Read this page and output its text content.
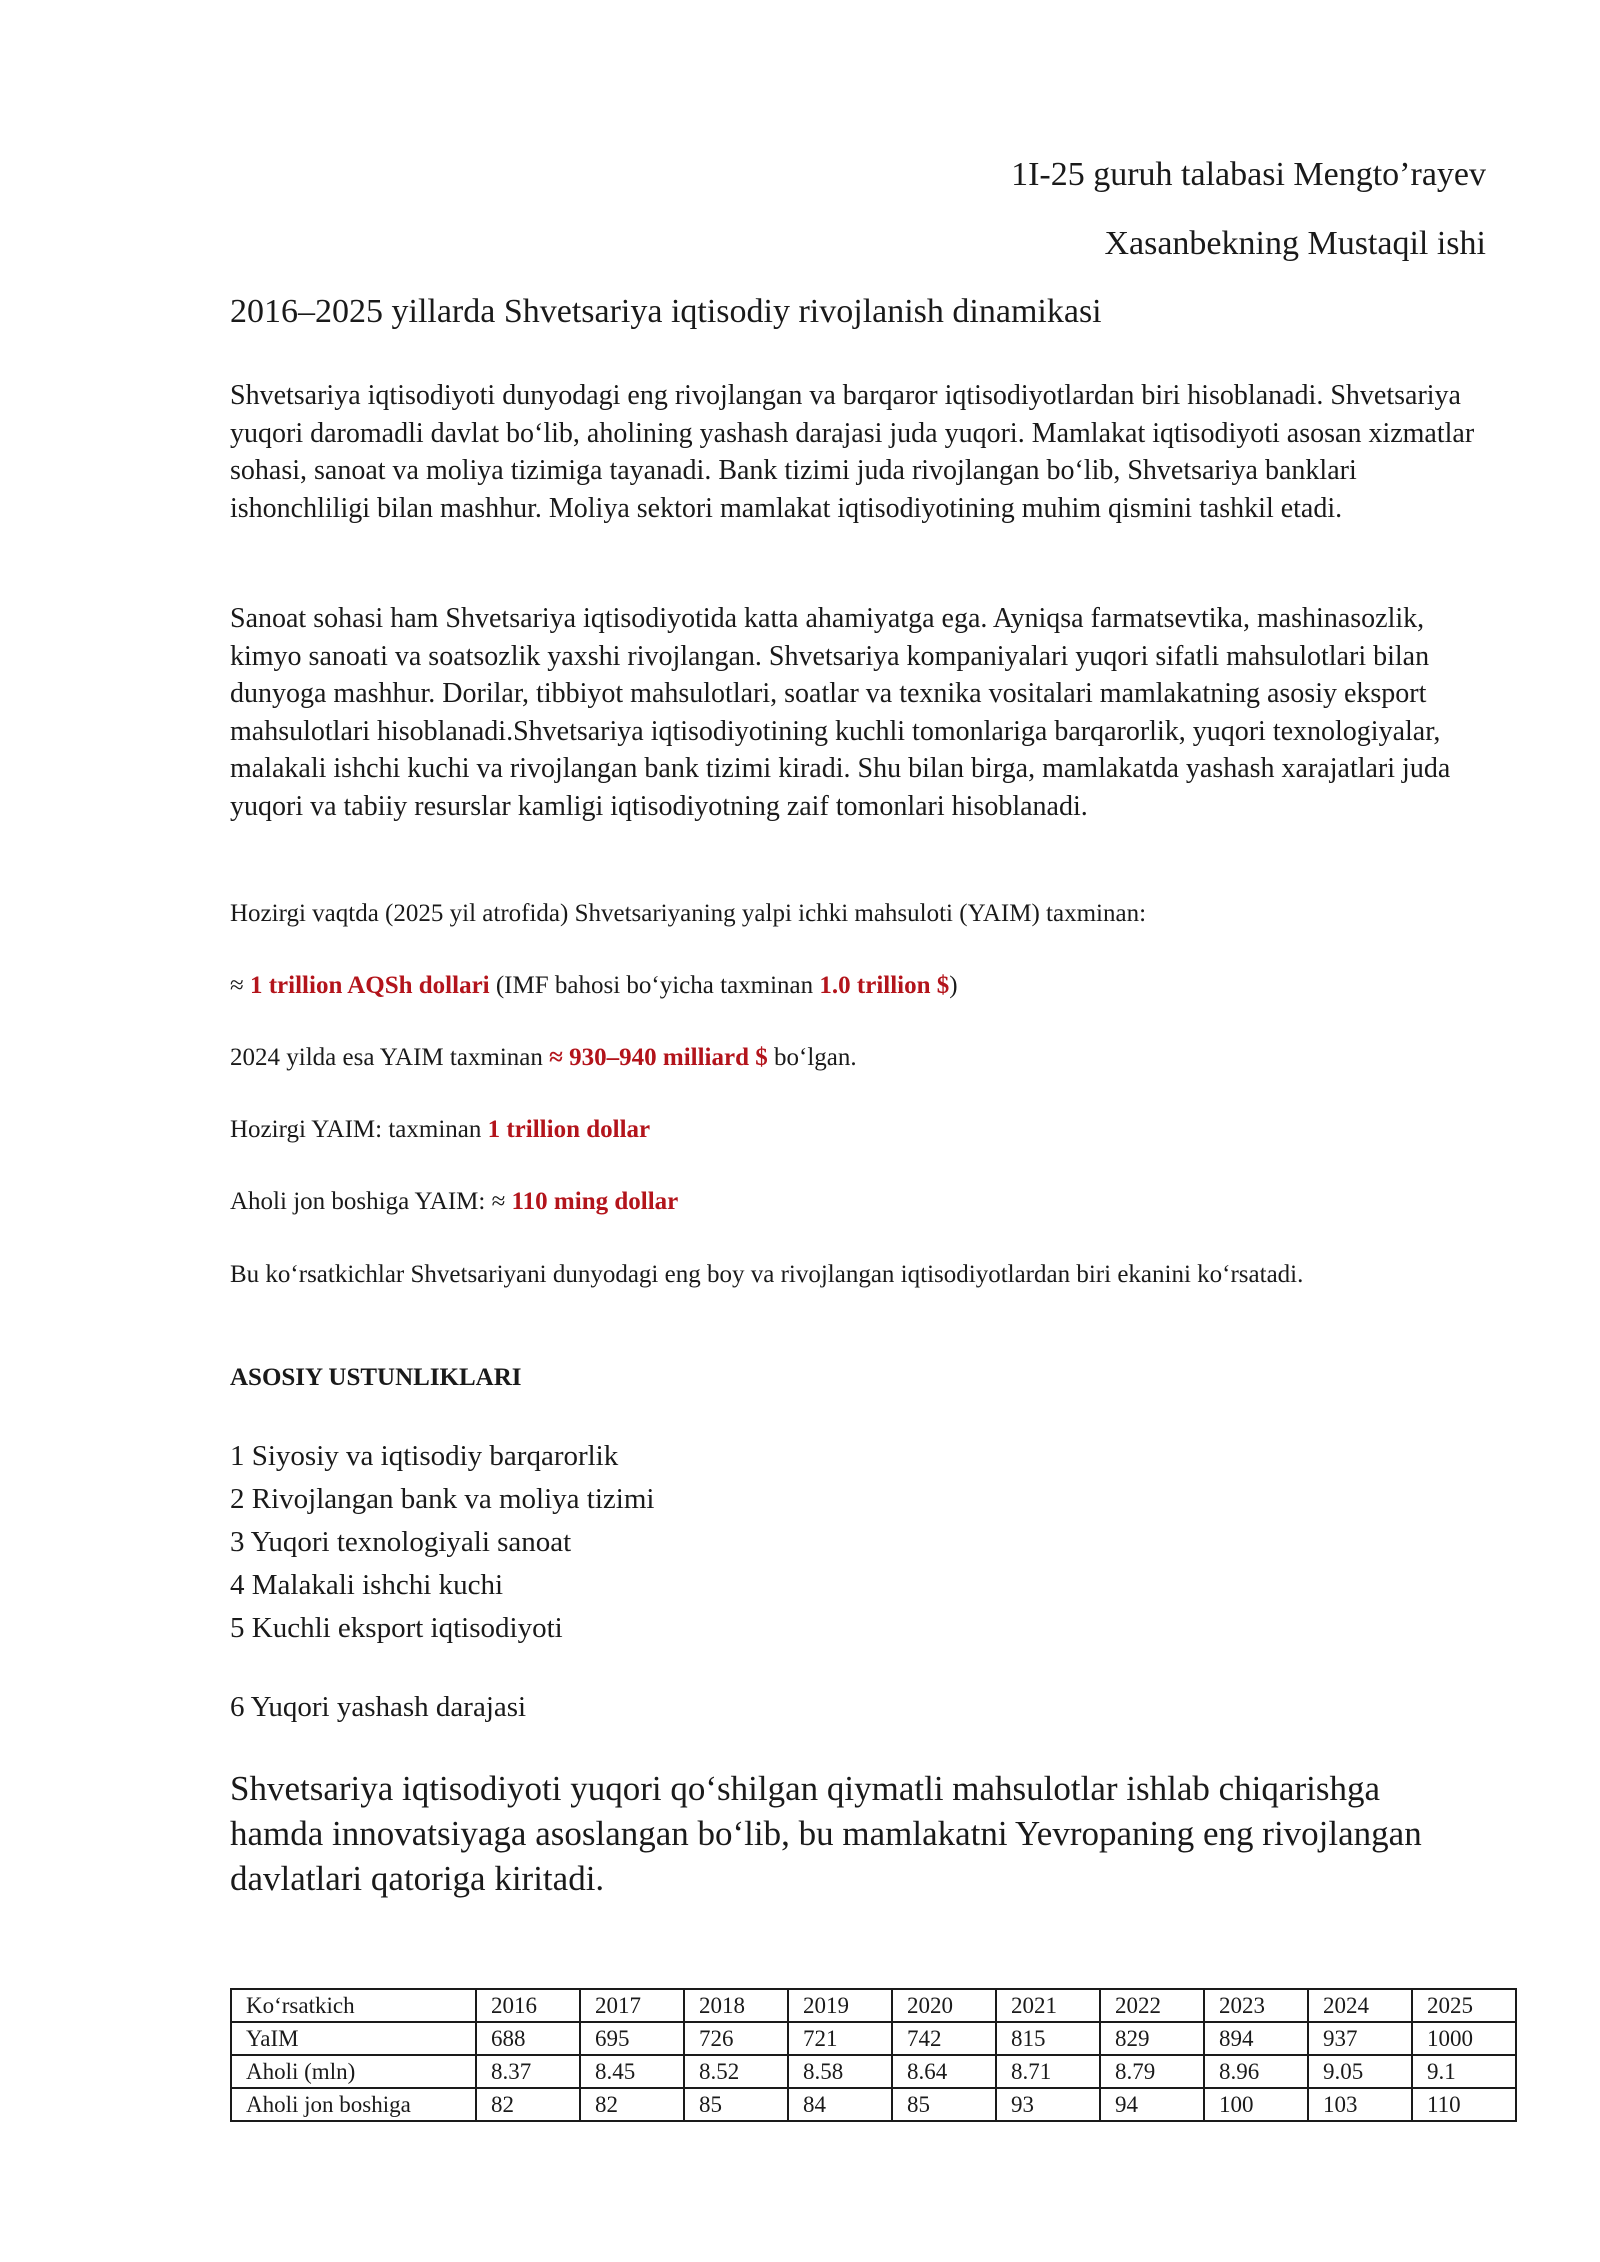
1I-25 guruh talabasi Mengto’rayev
Xasanbekning Mustaqil ishi
2016–2025 yillarda Shvetsariya iqtisodiy rivojlanish dinamikasi
Shvetsariya iqtisodiyoti dunyodagi eng rivojlangan va barqaror iqtisodiyotlardan biri hisoblanadi. Shvetsariya yuqori daromadli davlat bo‘lib, aholining yashash darajasi juda yuqori. Mamlakat iqtisodiyoti asosan xizmatlar sohasi, sanoat va moliya tizimiga tayanadi. Bank tizimi juda rivojlangan bo‘lib, Shvetsariya banklari ishonchliligi bilan mashhur. Moliya sektori mamlakat iqtisodiyotining muhim qismini tashkil etadi.
Sanoat sohasi ham Shvetsariya iqtisodiyotida katta ahamiyatga ega. Ayniqsa farmatsevtika, mashinasozlik, kimyo sanoati va soatsozlik yaxshi rivojlangan. Shvetsariya kompaniyalari yuqori sifatli mahsulotlari bilan dunyoga mashhur. Dorilar, tibbiyot mahsulotlari, soatlar va texnika vositalari mamlakatning asosiy eksport mahsulotlari hisoblanadi.Shvetsariya iqtisodiyotining kuchli tomonlariga barqarorlik, yuqori texnologiyalar, malakali ishchi kuchi va rivojlangan bank tizimi kiradi. Shu bilan birga, mamlakatda yashash xarajatlari juda yuqori va tabiiy resurslar kamligi iqtisodiyotning zaif tomonlari hisoblanadi.
Hozirgi vaqtda (2025 yil atrofida) Shvetsariyaning yalpi ichki mahsuloti (YAIM) taxminan:
≈ 1 trillion AQSh dollari (IMF bahosi bo‘yicha taxminan 1.0 trillion $)
2024 yilda esa YAIM taxminan ≈ 930–940 milliard $ bo‘lgan.
Hozirgi YAIM: taxminan 1 trillion dollar
Aholi jon boshiga YAIM: ≈ 110 ming dollar
Bu ko‘rsatkichlar Shvetsariyani dunyodagi eng boy va rivojlangan iqtisodiyotlardan biri ekanini ko‘rsatadi.
ASOSIY USTUNLIKLARI
1 Siyosiy va iqtisodiy barqarorlik
2 Rivojlangan bank va moliya tizimi
3 Yuqori texnologiyali sanoat
4 Malakali ishchi kuchi
5 Kuchli eksport iqtisodiyoti
6 Yuqori yashash darajasi
Shvetsariya iqtisodiyoti yuqori qo‘shilgan qiymatli mahsulotlar ishlab chiqarishga hamda innovatsiyaga asoslangan bo‘lib, bu mamlakatni Yevropaning eng rivojlangan davlatlari qatoriga kiritadi.
Ko‘rsatkich	2016	2017	2018	2019	2020	2021	2022	2023	2024	2025
YaIM	688	695	726	721	742	815	829	894	937	1000
Aholi (mln)	8.37	8.45	8.52	8.58	8.64	8.71	8.79	8.96	9.05	9.1
Aholi jon boshiga	82	82	85	84	85	93	94	100	103	110
